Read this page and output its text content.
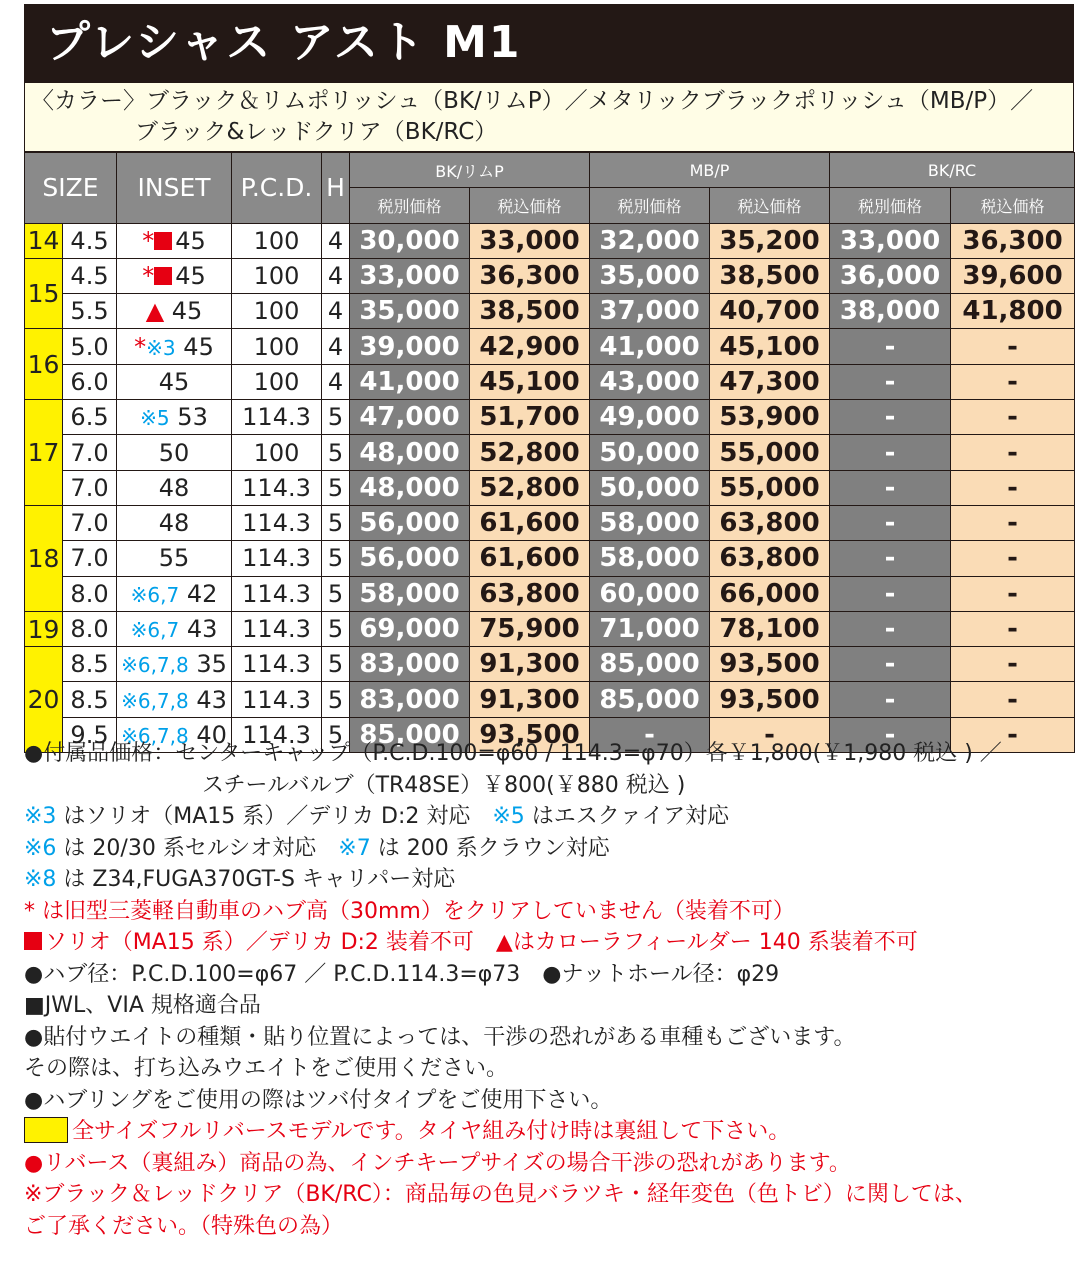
プレシャス アスト M1
〈カラー〉ブラック＆リムポリッシュ（BK/リムP）／メタリックブラックポリッシュ（MB/P）／
ブラック&レッドクリア（BK/RC）
SIZE		INSET	P.C.D.	H	BK/リムP		MB/P		BK/RC	
					税別価格	税込価格	税別価格	税込価格	税別価格	税込価格
14	4.5	* 45	100	4	30,000	33,000	32,000	35,200	33,000	36,300
15	4.5	* 45	100	4	33,000	36,300	35,000	38,500	36,000	39,600
	5.5	▲ 45	100	4	35,000	38,500	37,000	40,700	38,000	41,800
16	5.0	*※3 45	100	4	39,000	42,900	41,000	45,100	-	-
	6.0	45	100	4	41,000	45,100	43,000	47,300	-	-
17	6.5	※5 53	114.3	5	47,000	51,700	49,000	53,900	-	-
	7.0	50	100	5	48,000	52,800	50,000	55,000	-	-
	7.0	48	114.3	5	48,000	52,800	50,000	55,000	-	-
18	7.0	48	114.3	5	56,000	61,600	58,000	63,800	-	-
	7.0	55	114.3	5	56,000	61,600	58,000	63,800	-	-
	8.0	※6,7 42	114.3	5	58,000	63,800	60,000	66,000	-	-
19	8.0	※6,7 43	114.3	5	69,000	75,900	71,000	78,100	-	-
20	8.5	※6,7,8 35	114.3	5	83,000	91,300	85,000	93,500	-	-
	8.5	※6,7,8 43	114.3	5	83,000	91,300	85,000	93,500	-	-
	9.5	※6,7,8 40	114.3	5	85,000	93,500	-	-	-	-
●付属品価格：センターキャップ（P.C.D.100=φ60 / 114.3=φ70）各￥1,800(￥1,980 税込 ) ／
スチールバルブ（TR48SE）￥800(￥880 税込 )
※3 はソリオ（MA15 系）／デリカ D:2 対応　※5 はエスクァイア対応
※6 は 20/30 系セルシオ対応　※7 は 200 系クラウン対応
※8 は Z34,FUGA370GT-S キャリパー対応
* は旧型三菱軽自動車のハブ高（30mm）をクリアしていません（装着不可）
ソリオ（MA15 系）／デリカ D:2 装着不可　▲はカローラフィールダー 140 系装着不可
●ハブ径：P.C.D.100=φ67 ／ P.C.D.114.3=φ73　●ナットホール径：φ29
■JWL、VIA 規格適合品
●貼付ウエイトの種類・貼り位置によっては、干渉の恐れがある車種もございます。
その際は、打ち込みウエイトをご使用ください。
●ハブリングをご使用の際はツバ付タイプをご使用下さい。
全サイズフルリバースモデルです。タイヤ組み付け時は裏組して下さい。
●リバース（裏組み）商品の為、インチキープサイズの場合干渉の恐れがあります。
※ブラック＆レッドクリア（BK/RC）：商品毎の色見バラツキ・経年変色（色トビ）に関しては、
ご了承ください。（特殊色の為）
